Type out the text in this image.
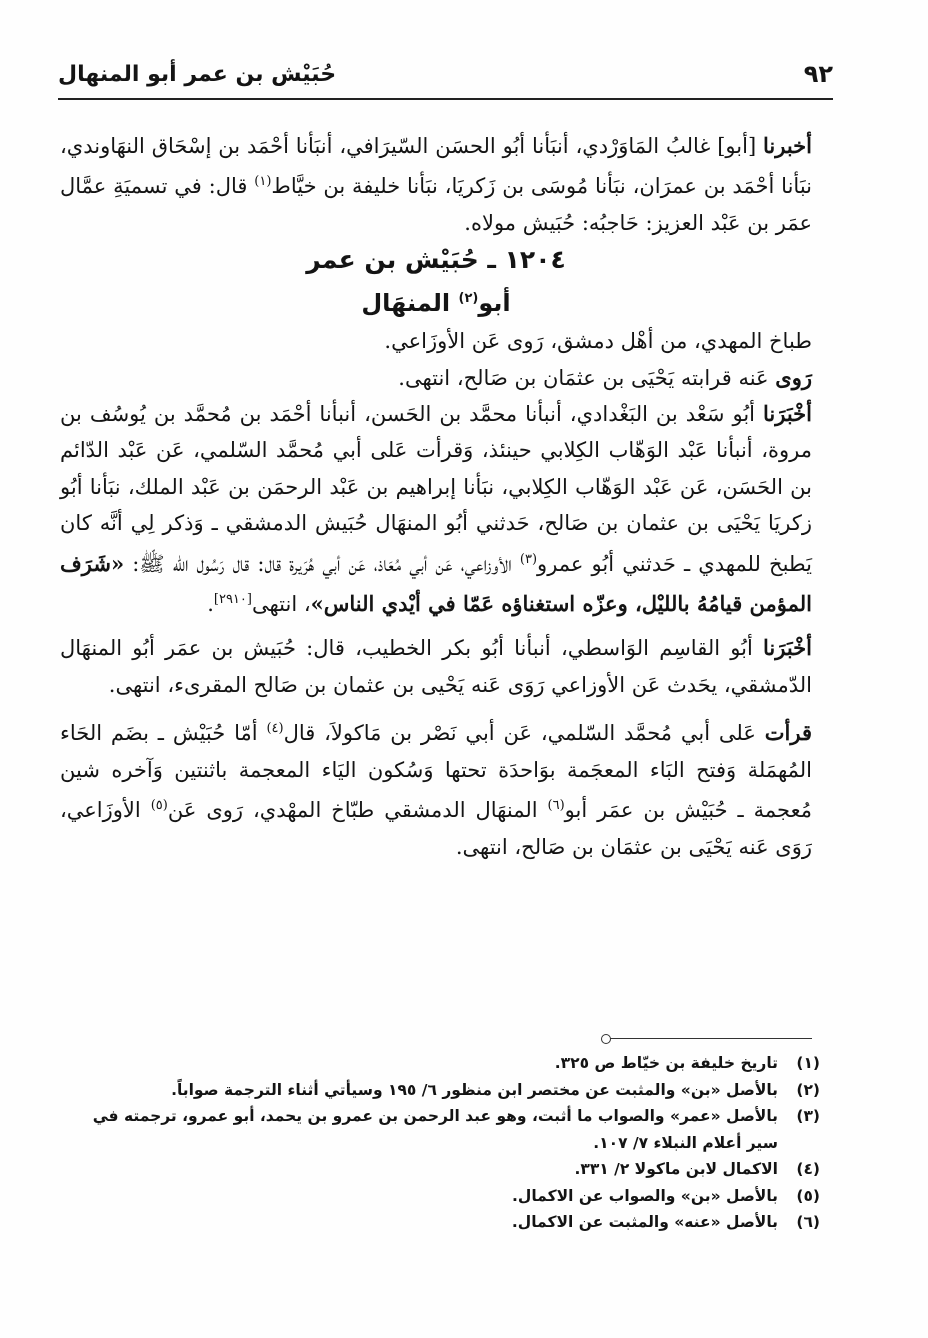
٩٢
حُبَيْش بن عمر أبو المنهال

أخبرنا [أبو] غالبُ المَاوَرْدي، أنبَأنا أبُو الحسَن السّيرَافي، أنبَأنا أحْمَد بن إسْحَاق النهَاوندي، نبَأنا أحْمَد بن عمرَان، نبَأنا مُوسَى بن زَكريَا، نبَأنا خليفة بن خيَّاط$^{(١)}$ قال: في تسميَةِ عمَّال عمَر بن عَبْد العزيز: حَاجبُه: حُبَيش مولاه.

١٢٠٤ ـ حُبَيْش بن عمر

أبو$^{(٢)}$ المنهَال

طباخ المهدي، من أهْل دمشق، رَوى عَن الأوزَاعي.

رَوى عَنه قرابته يَحْيَى بن عثمَان بن صَالح، انتهى.

أخْبَرَنا أبُو سَعْد بن البَغْدادي، أنبأنا محمَّد بن الحَسن، أنبأنا أحْمَد بن مُحمَّد بن يُوسُف بن مروة، أنبأنا عَبْد الوَهّاب الكِلابي حينئذ، وَقرأت عَلى أبي مُحمَّد السّلمي، عَن عَبْد الدّائم بن الحَسَن، عَن عَبْد الوَهّاب الكِلابي، نبَأنا إبراهيم بن عَبْد الرحمَن بن عَبْد الملك، نبَأنا أبُو زكريَا يَحْيَى بن عثمان بن صَالح، حَدثني أبُو المنهَال حُبَيش الدمشقي ـ وَذكر لِي أنَّه كان يَطبخ للمهدي ـ حَدثني أبُو عمرو$^{(٣)}$ الأوزاعي، عَن أبي مُعَاذ، عَن أبي هُرَيرة قال: قال رَسُول الله ﷺ: «شَرَف المؤمن قيامُهُ بالليْل، وعزّه استغناؤه عَمّا في أيْدي الناس»، انتهى[٢٩١٠].

أخْبَرَنا أبُو القاسِم الوَاسطي، أنبأنا أبُو بكر الخطيب، قال: حُبَيش بن عمَر أبُو المنهَال الدّمشقي، يحَدث عَن الأوزاعي رَوَى عَنه يَحْيى بن عثمان بن صَالح المقرىء، انتهى.

قرأت عَلى أبي مُحمَّد السّلمي، عَن أبي نَصْر بن مَاكولاَ، قال$^{(٤)}$ أمّا حُبَيْش ـ بضَم الحَاء المُهمَلة وَفتح البَاء المعجَمة بوَاحدَة تحتها وَسُكون اليَاء المعجمة باثنتين وَآخره شين مُعجمة ـ حُبَيْش بن عمَر أبو$^{(٦)}$ المنهَال الدمشقي طبّاخ المهْدي، رَوى عَن$^{(٥)}$ الأوزَاعي، رَوَى عَنه يَحْيَى بن عثمَان بن صَالح، انتهى.

(١)
تاريخ خليفة بن خيّاط ص ٣٢٥.
(٢)
بالأصل «بن» والمثبت عن مختصر ابن منظور ٦/ ١٩٥ وسيأتي أثناء الترجمة صواباً.
(٣)
بالأصل «عمر» والصواب ما أثبت، وهو عبد الرحمن بن عمرو بن يحمد، أبو عمرو، ترجمته في سير أعلام النبلاء ٧/ ١٠٧.
(٤)
الاكمال لابن ماكولا ٢/ ٣٣١.
(٥)
بالأصل «بن» والصواب عن الاكمال.
(٦)
بالأصل «عنه» والمثبت عن الاكمال.
